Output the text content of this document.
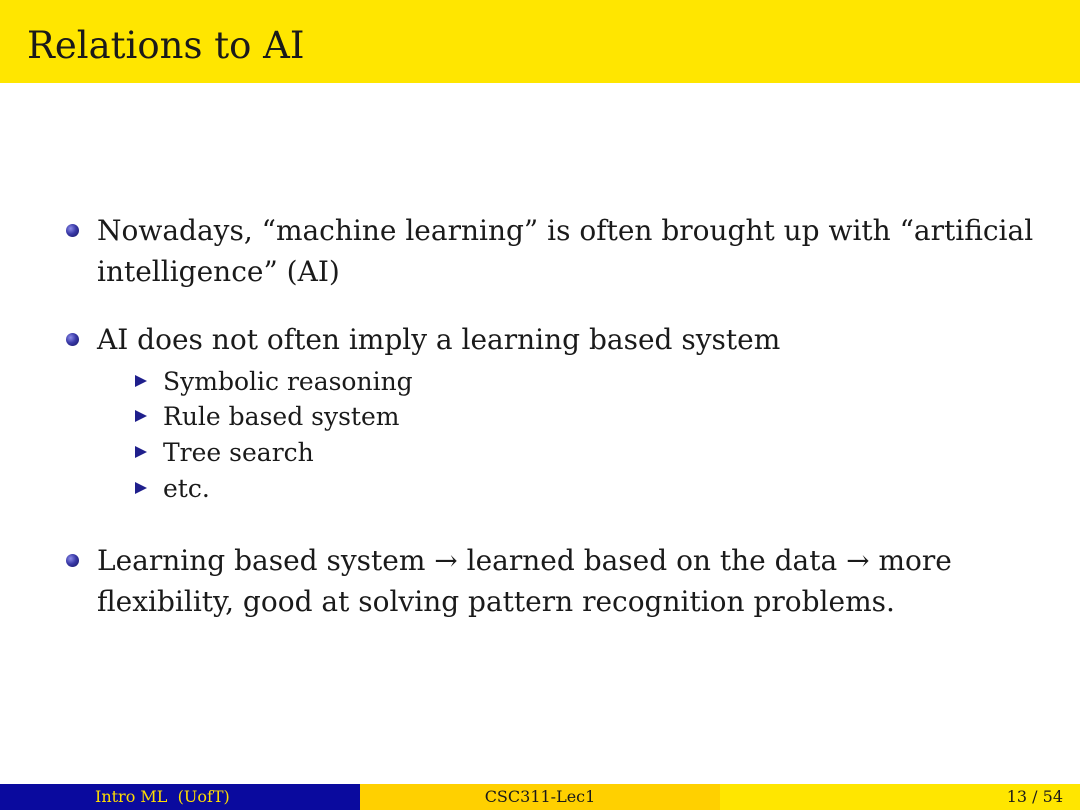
Relations to AI
Nowadays, “machine learning” is often brought up with “artificial intelligence” (AI)
AI does not often imply a learning based system
Symbolic reasoning
Rule based system
Tree search
etc.
Learning based system → learned based on the data → more flexibility, good at solving pattern recognition problems.
Intro ML  (UofT)	CSC311-Lec1	13 / 54
